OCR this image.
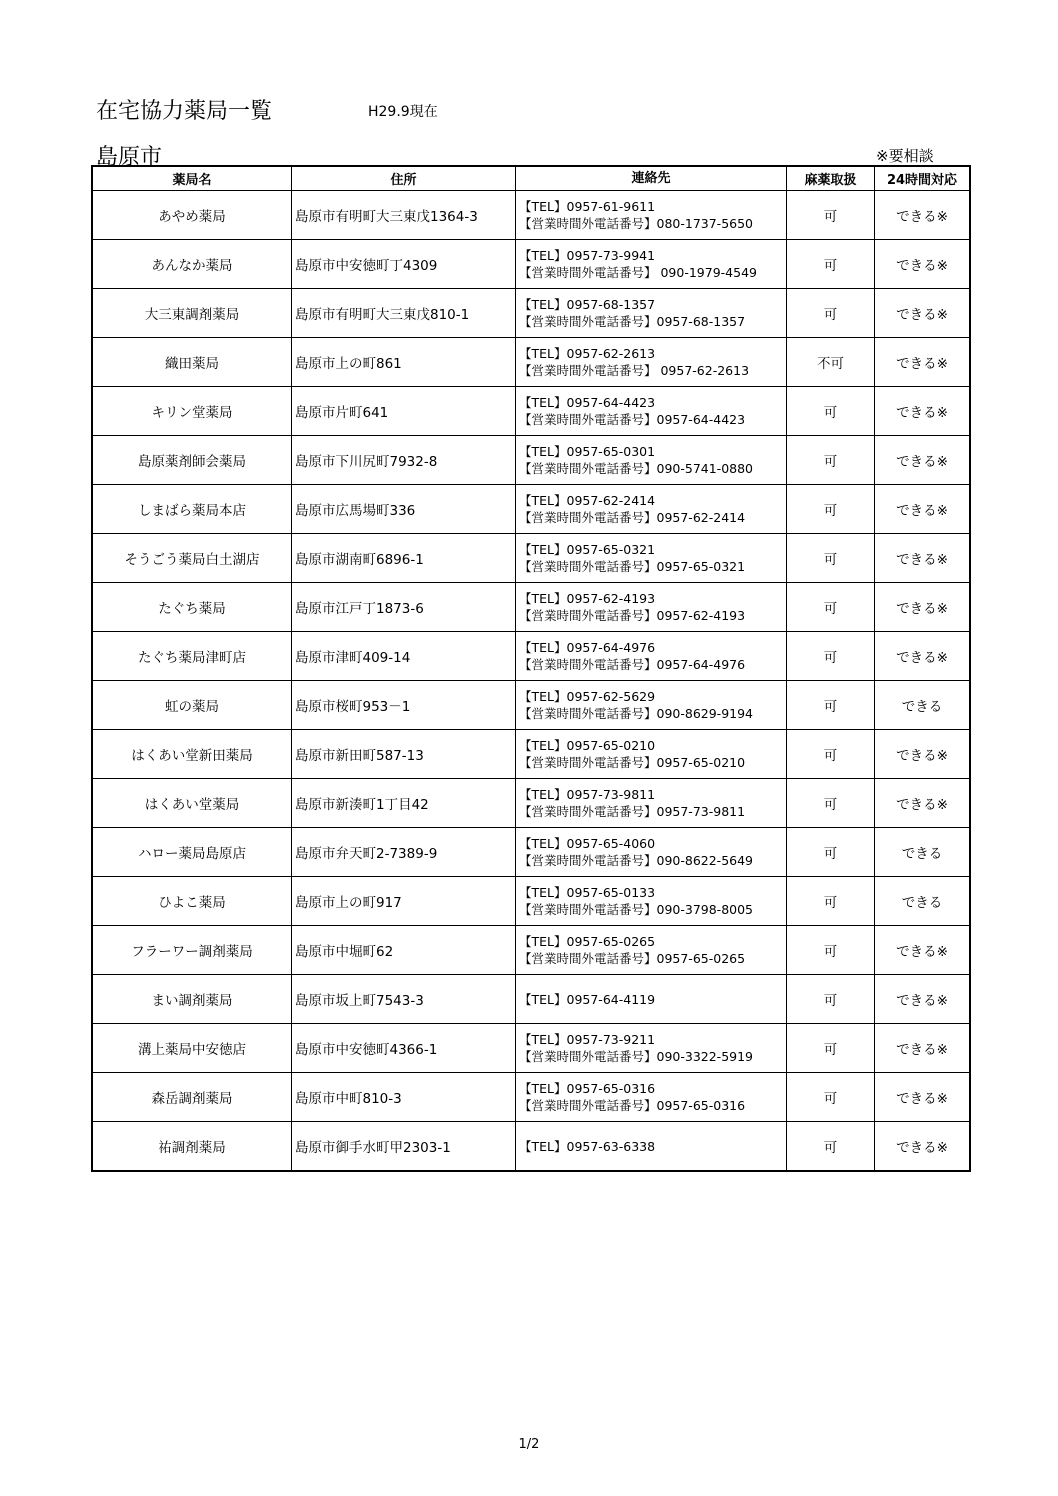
在宅協力薬局一覧	H29.9現在
島原市	※要相談
薬局名	住所	連絡先	麻薬取扱	24時間対応
あやめ薬局	島原市有明町大三東戊1364-3	【TEL】0957-61-9611
【営業時間外電話番号】080-1737-5650	可	できる※
あんなか薬局	島原市中安徳町丁4309	【TEL】0957-73-9941
【営業時間外電話番号】 090-1979-4549	可	できる※
大三東調剤薬局	島原市有明町大三東戊810-1	【TEL】0957-68-1357
【営業時間外電話番号】0957-68-1357	可	できる※
織田薬局	島原市上の町861	【TEL】0957-62-2613
【営業時間外電話番号】 0957-62-2613	不可	できる※
キリン堂薬局	島原市片町641	【TEL】0957-64-4423
【営業時間外電話番号】0957-64-4423	可	できる※
島原薬剤師会薬局	島原市下川尻町7932-8	【TEL】0957-65-0301
【営業時間外電話番号】090-5741-0880	可	できる※
しまばら薬局本店	島原市広馬場町336	【TEL】0957-62-2414
【営業時間外電話番号】0957-62-2414	可	できる※
そうごう薬局白土湖店	島原市湖南町6896-1	【TEL】0957-65-0321
【営業時間外電話番号】0957-65-0321	可	できる※
たぐち薬局	島原市江戸丁1873-6	【TEL】0957-62-4193
【営業時間外電話番号】0957-62-4193	可	できる※
たぐち薬局津町店	島原市津町409-14	【TEL】0957-64-4976
【営業時間外電話番号】0957-64-4976	可	できる※
虹の薬局	島原市桜町953－1	【TEL】0957-62-5629
【営業時間外電話番号】090-8629-9194	可	できる
はくあい堂新田薬局	島原市新田町587-13	【TEL】0957-65-0210
【営業時間外電話番号】0957-65-0210	可	できる※
はくあい堂薬局	島原市新湊町1丁目42	【TEL】0957-73-9811
【営業時間外電話番号】0957-73-9811	可	できる※
ハロー薬局島原店	島原市弁天町2-7389-9	【TEL】0957-65-4060
【営業時間外電話番号】090-8622-5649	可	できる
ひよこ薬局	島原市上の町917	【TEL】0957-65-0133
【営業時間外電話番号】090-3798-8005	可	できる
フラーワー調剤薬局	島原市中堀町62	【TEL】0957-65-0265
【営業時間外電話番号】0957-65-0265	可	できる※
まい調剤薬局	島原市坂上町7543-3	【TEL】0957-64-4119	可	できる※
溝上薬局中安徳店	島原市中安徳町4366-1	【TEL】0957-73-9211
【営業時間外電話番号】090-3322-5919	可	できる※
森岳調剤薬局	島原市中町810-3	【TEL】0957-65-0316
【営業時間外電話番号】0957-65-0316	可	できる※
祐調剤薬局	島原市御手水町甲2303-1	【TEL】0957-63-6338	可	できる※
1/2
